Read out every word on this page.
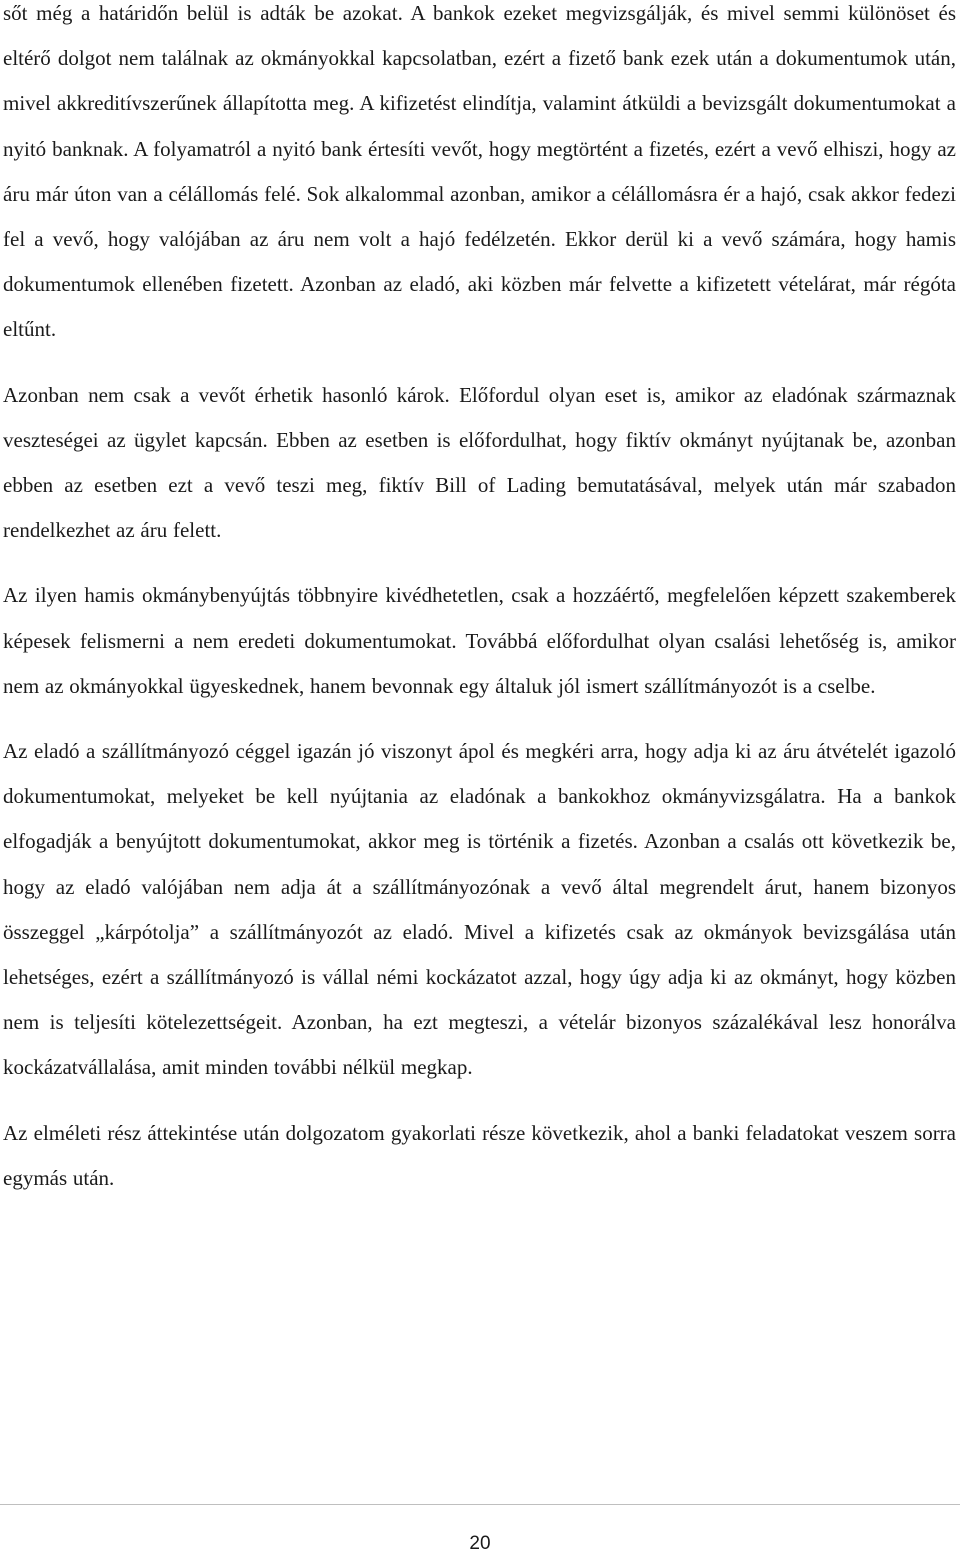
sőt még a határidőn belül is adták be azokat. A bankok ezeket megvizsgálják, és mivel semmi különöset és eltérő dolgot nem találnak az okmányokkal kapcsolatban, ezért a fizető bank ezek után a dokumentumok után, mivel akkreditívszerűnek állapította meg. A kifizetést elindítja, valamint átküldi a bevizsgált dokumentumokat a nyitó banknak. A folyamatról a nyitó bank értesíti vevőt, hogy megtörtént a fizetés, ezért a vevő elhiszi, hogy az áru már úton van a célállomás felé. Sok alkalommal azonban, amikor a célállomásra ér a hajó, csak akkor fedezi fel a vevő, hogy valójában az áru nem volt a hajó fedélzetén. Ekkor derül ki a vevő számára, hogy hamis dokumentumok ellenében fizetett. Azonban az eladó, aki közben már felvette a kifizetett vételárat, már régóta eltűnt.

Azonban nem csak a vevőt érhetik hasonló károk. Előfordul olyan eset is, amikor az eladónak származnak veszteségei az ügylet kapcsán. Ebben az esetben is előfordulhat, hogy fiktív okmányt nyújtanak be, azonban ebben az esetben ezt a vevő teszi meg, fiktív Bill of Lading bemutatásával, melyek után már szabadon rendelkezhet az áru felett.

Az ilyen hamis okmánybenyújtás többnyire kivédhetetlen, csak a hozzáértő, megfelelően képzett szakemberek képesek felismerni a nem eredeti dokumentumokat. Továbbá előfordulhat olyan csalási lehetőség is, amikor nem az okmányokkal ügyeskednek, hanem bevonnak egy általuk jól ismert szállítmányozót is a cselbe.

Az eladó a szállítmányozó céggel igazán jó viszonyt ápol és megkéri arra, hogy adja ki az áru átvételét igazoló dokumentumokat, melyeket be kell nyújtania az eladónak a bankokhoz okmányvizsgálatra. Ha a bankok elfogadják a benyújtott dokumentumokat, akkor meg is történik a fizetés. Azonban a csalás ott következik be, hogy az eladó valójában nem adja át a szállítmányozónak a vevő által megrendelt árut, hanem bizonyos összeggel „kárpótolja” a szállítmányozót az eladó. Mivel a kifizetés csak az okmányok bevizsgálása után lehetséges, ezért a szállítmányozó is vállal némi kockázatot azzal, hogy úgy adja ki az okmányt, hogy közben nem is teljesíti kötelezettségeit. Azonban, ha ezt megteszi, a vételár bizonyos százalékával lesz honorálva kockázatvállalása, amit minden további nélkül megkap.

Az elméleti rész áttekintése után dolgozatom gyakorlati része következik, ahol a banki feladatokat veszem sorra egymás után.

20
